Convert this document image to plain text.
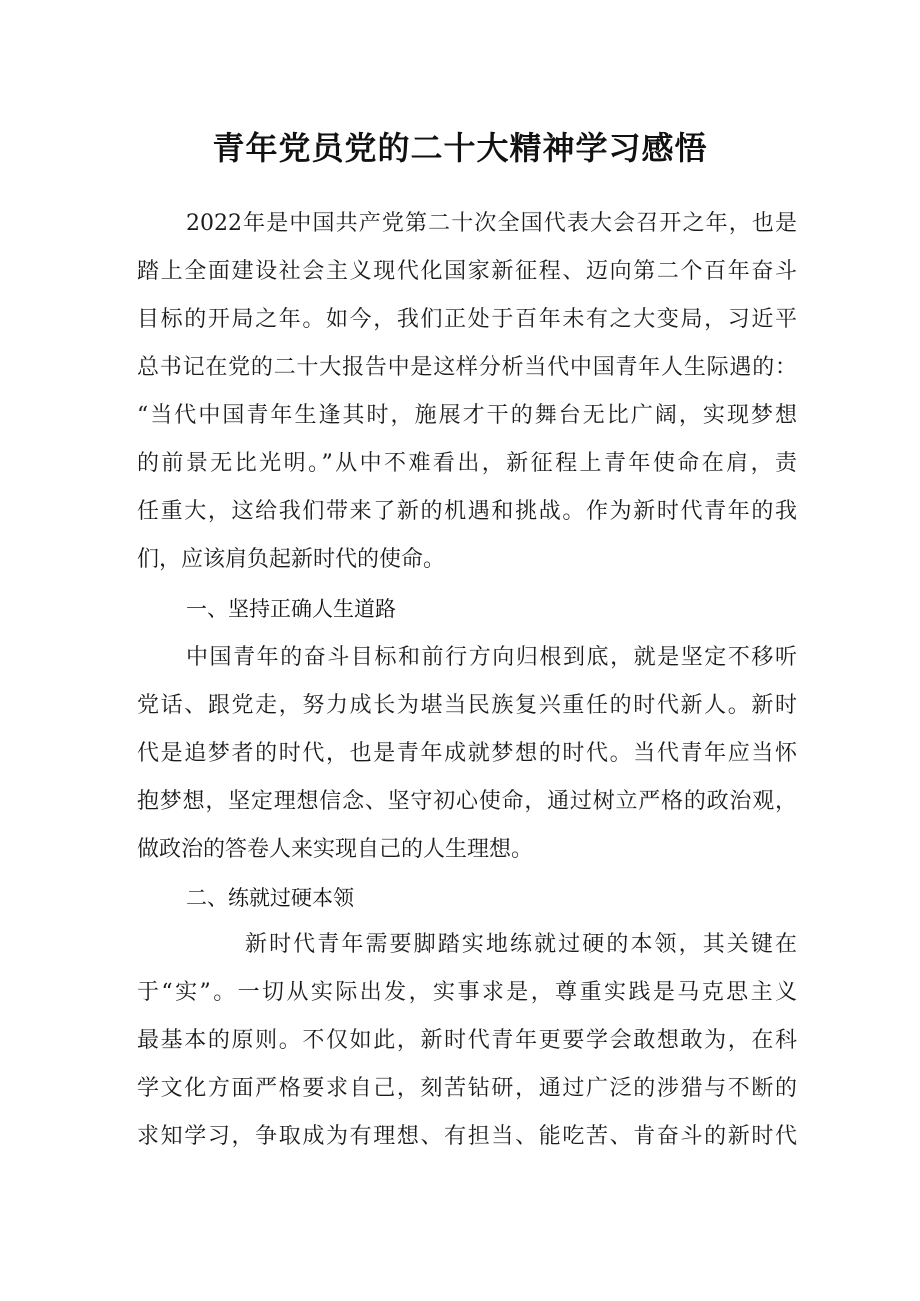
青年党员党的二十大精神学习感悟
2022年是中国共产党第二十次全国代表大会召开之年，也是
踏上全面建设社会主义现代化国家新征程、迈向第二个百年奋斗
目标的开局之年。如今，我们正处于百年未有之大变局，习近平
总书记在党的二十大报告中是这样分析当代中国青年人生际遇的：
“当代中国青年生逢其时，施展才干的舞台无比广阔，实现梦想
的前景无比光明。”从中不难看出，新征程上青年使命在肩，责
任重大，这给我们带来了新的机遇和挑战。作为新时代青年的我
们，应该肩负起新时代的使命。
一、坚持正确人生道路
中国青年的奋斗目标和前行方向归根到底，就是坚定不移听
党话、跟党走，努力成长为堪当民族复兴重任的时代新人。新时
代是追梦者的时代，也是青年成就梦想的时代。当代青年应当怀
抱梦想，坚定理想信念、坚守初心使命，通过树立严格的政治观，
做政治的答卷人来实现自己的人生理想。
二、练就过硬本领
新时代青年需要脚踏实地练就过硬的本领，其关键在
于“实”。一切从实际出发，实事求是，尊重实践是马克思主义
最基本的原则。不仅如此，新时代青年更要学会敢想敢为，在科
学文化方面严格要求自己，刻苦钻研，通过广泛的涉猎与不断的
求知学习，争取成为有理想、有担当、能吃苦、肯奋斗的新时代
